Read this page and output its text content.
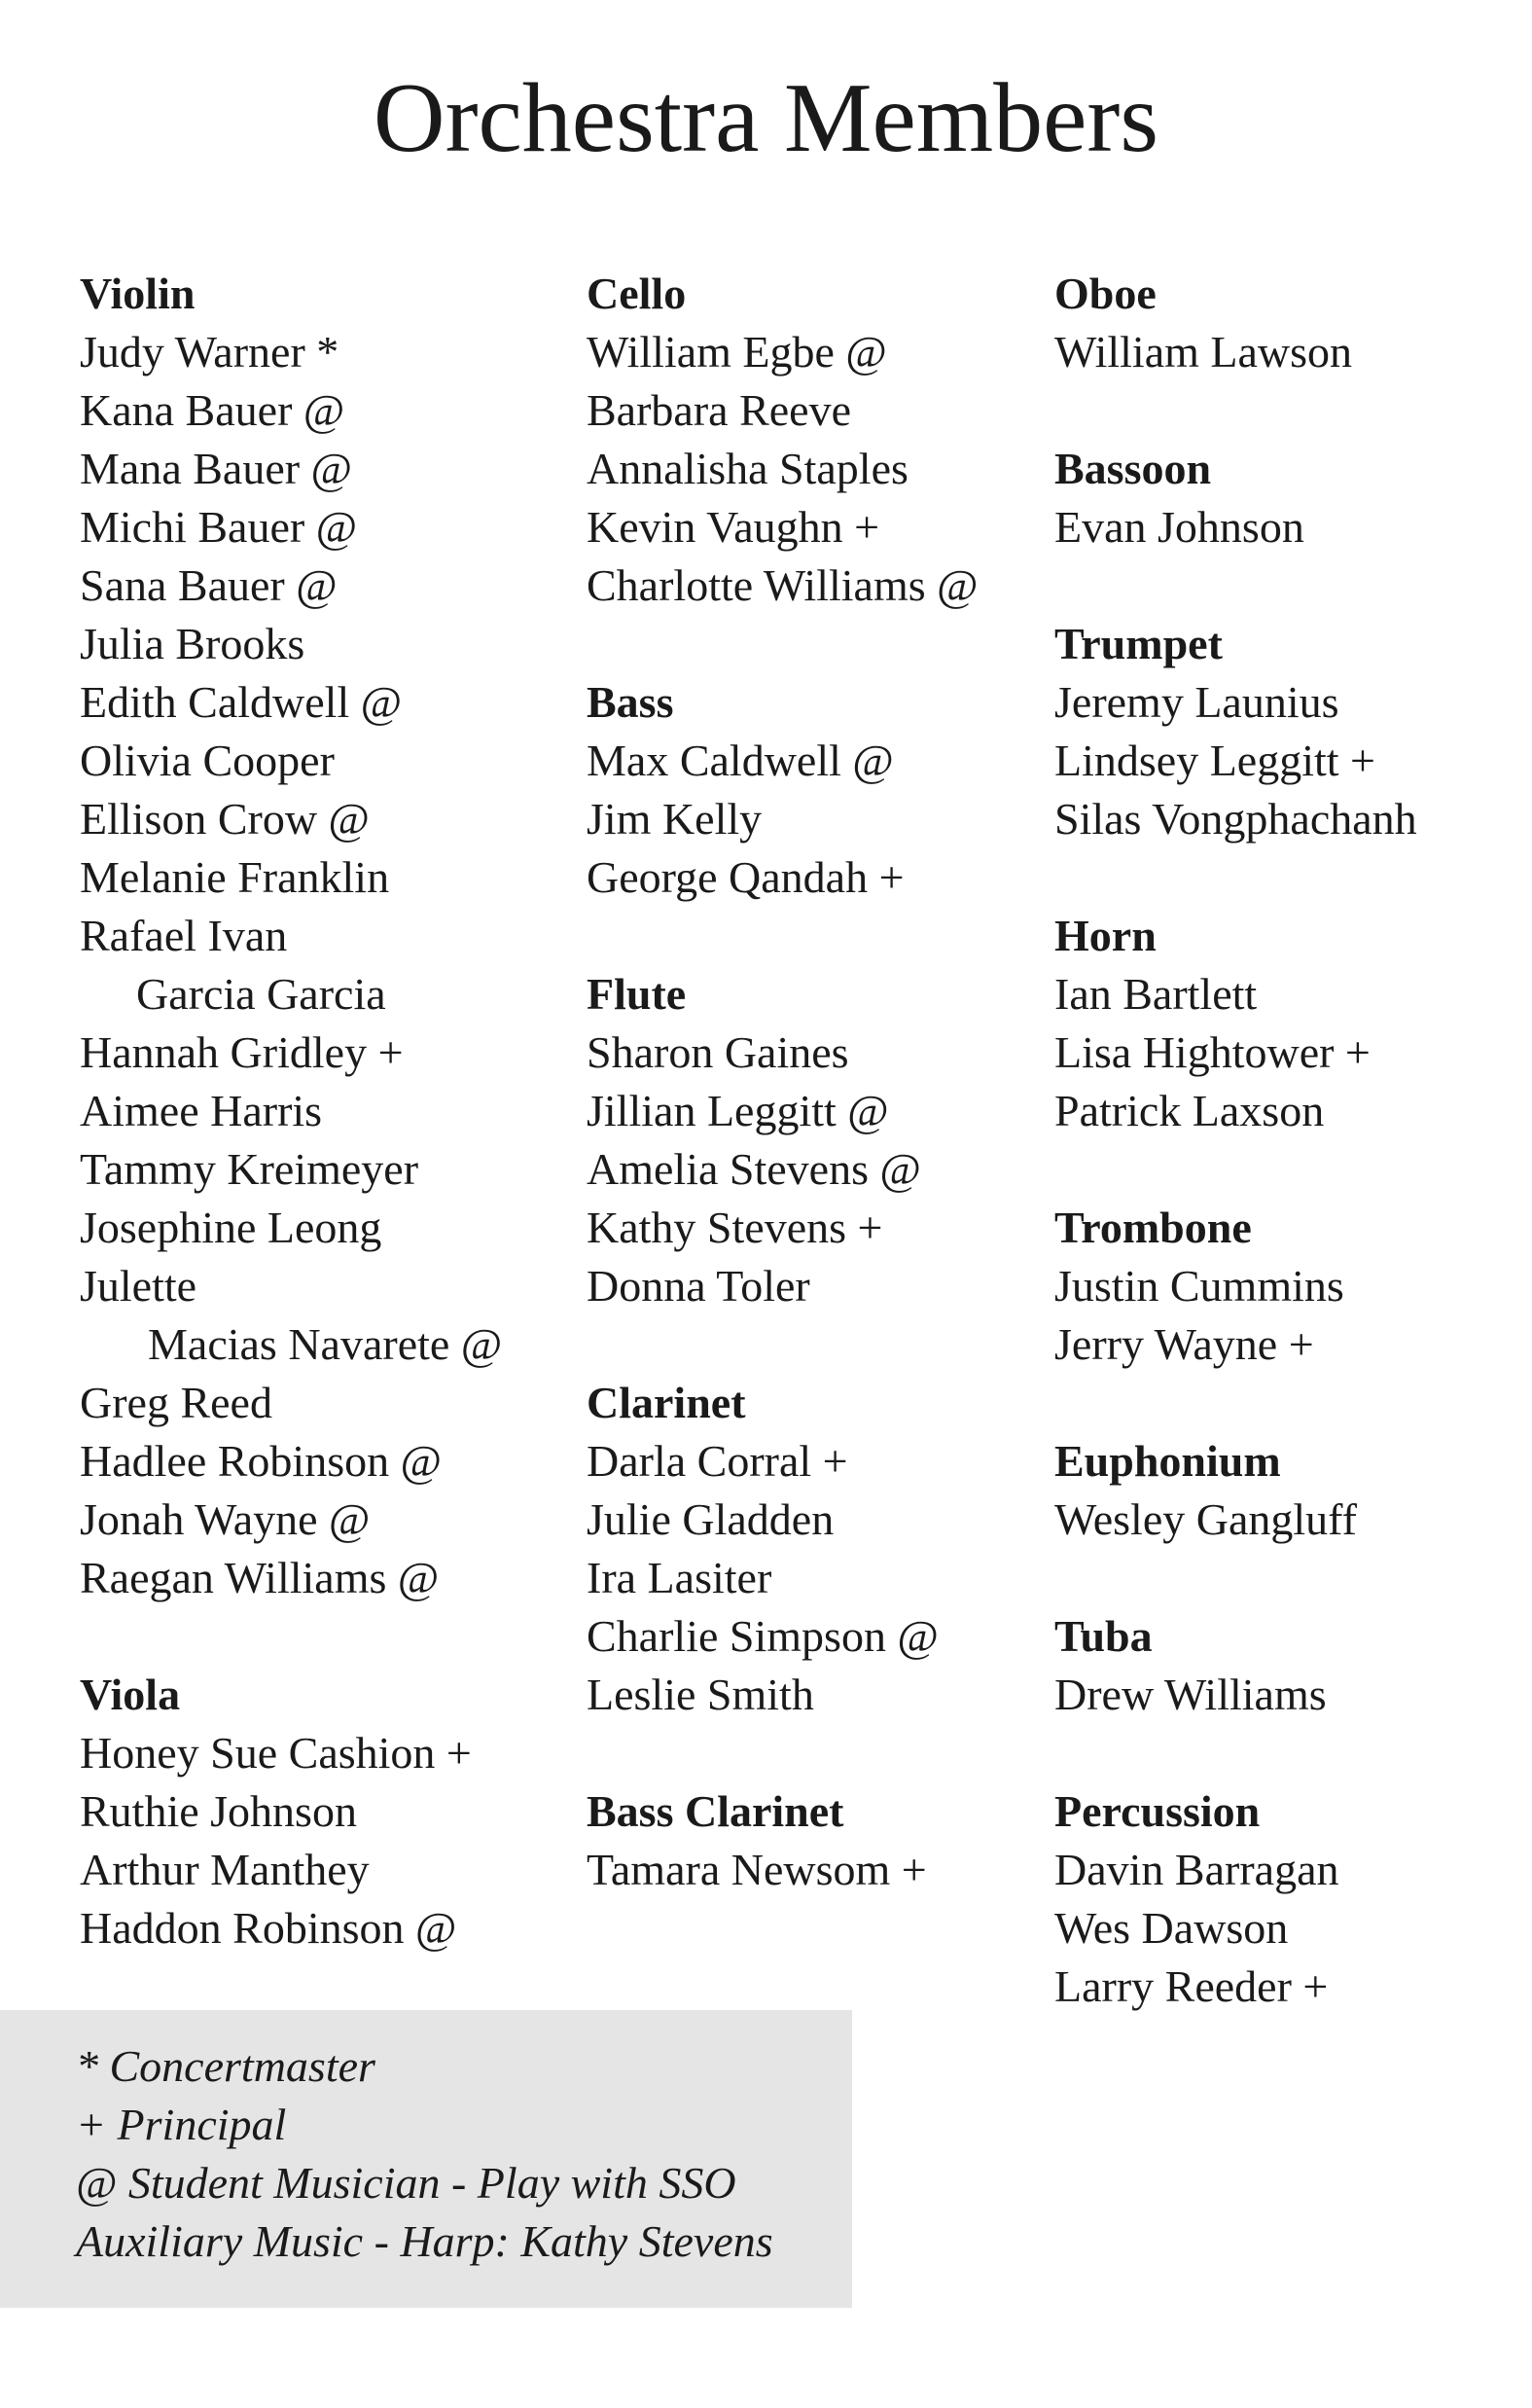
Orchestra Members
Violin
Judy Warner *
Kana Bauer @
Mana Bauer @
Michi Bauer @
Sana Bauer @
Julia Brooks
Edith Caldwell @
Olivia Cooper
Ellison Crow @
Melanie Franklin
Rafael Ivan
Garcia Garcia
Hannah Gridley +
Aimee Harris
Tammy Kreimeyer
Josephine Leong
Julette
Macias Navarete @
Greg Reed
Hadlee Robinson @
Jonah Wayne @
Raegan Williams @
Viola
Honey Sue Cashion +
Ruthie Johnson
Arthur Manthey
Haddon Robinson @
Cello
William Egbe @
Barbara Reeve
Annalisha Staples
Kevin Vaughn +
Charlotte Williams @
Bass
Max Caldwell @
Jim Kelly
George Qandah +
Flute
Sharon Gaines
Jillian Leggitt @
Amelia Stevens @
Kathy Stevens +
Donna Toler
Clarinet
Darla Corral +
Julie Gladden
Ira Lasiter
Charlie Simpson @
Leslie Smith
Bass Clarinet
Tamara Newsom +
Oboe
William Lawson
Bassoon
Evan Johnson
Trumpet
Jeremy Launius
Lindsey Leggitt +
Silas Vongphachanh
Horn
Ian Bartlett
Lisa Hightower +
Patrick Laxson
Trombone
Justin Cummins
Jerry Wayne +
Euphonium
Wesley Gangluff
Tuba
Drew Williams
Percussion
Davin Barragan
Wes Dawson
Larry Reeder +
* Concertmaster
+ Principal
@ Student Musician - Play with SSO
Auxiliary Music - Harp: Kathy Stevens
